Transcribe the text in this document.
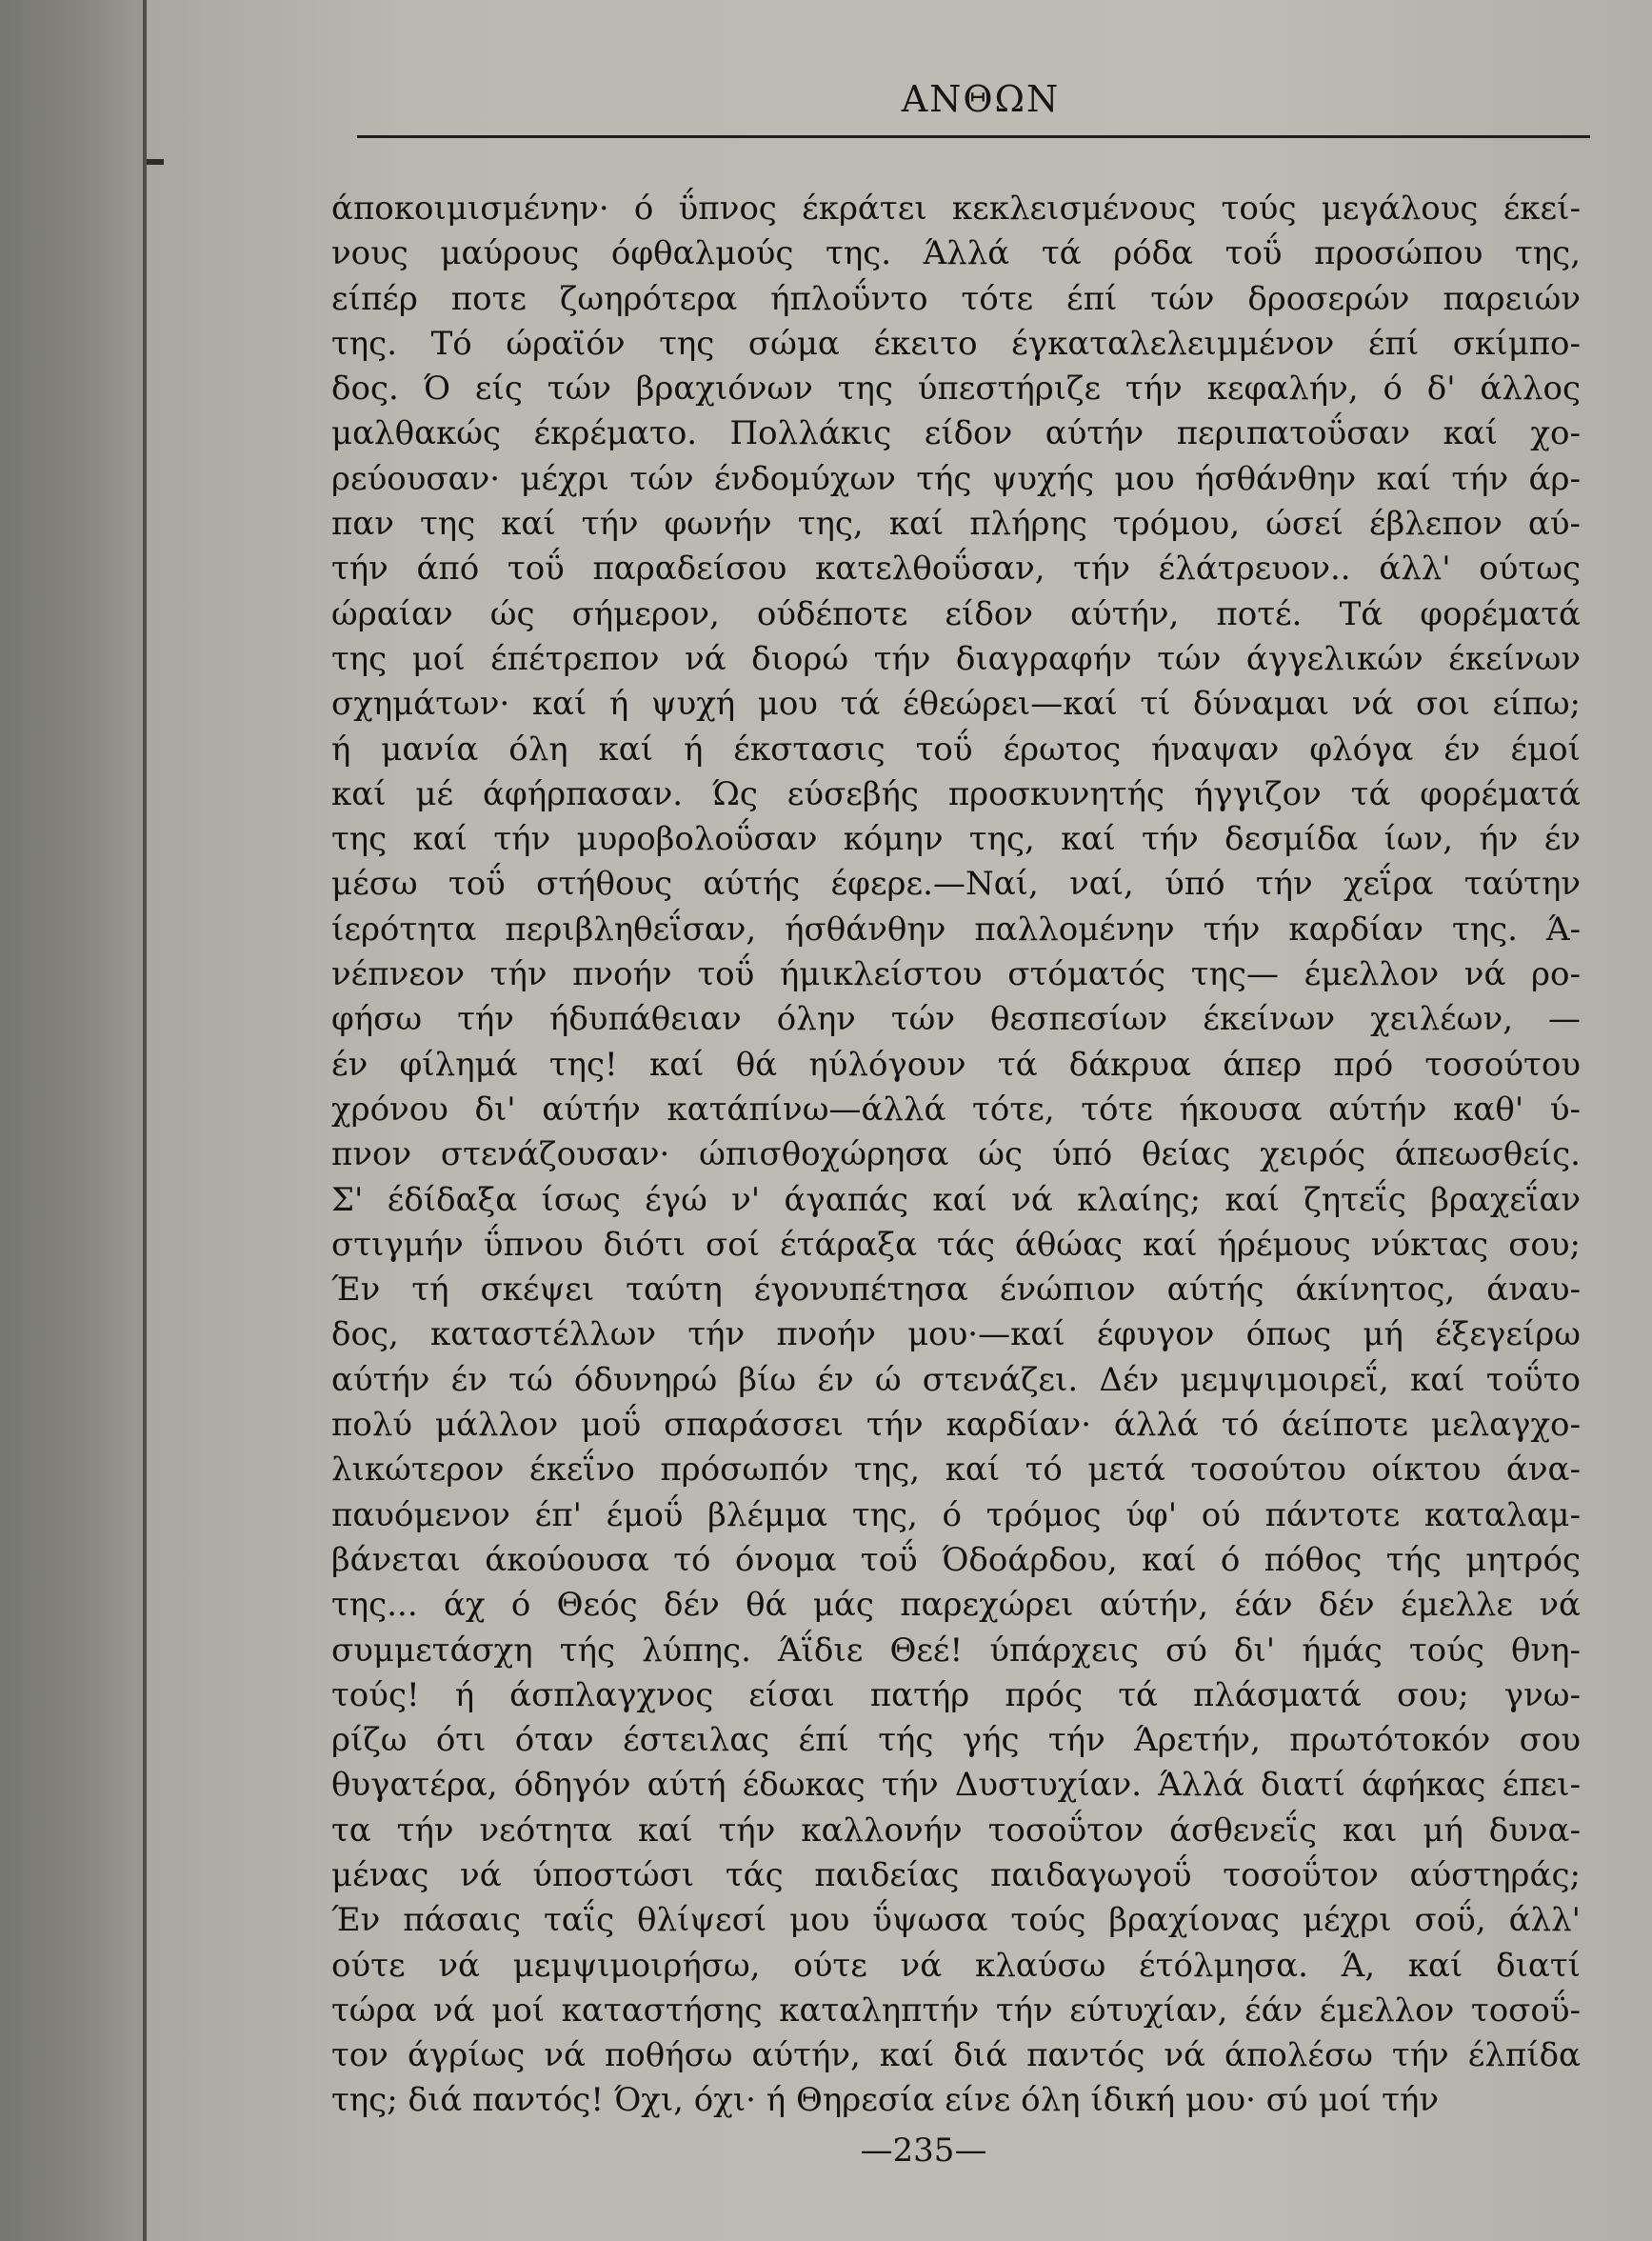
ΑΝΘΩΝ
άποκοιμισμένην· ό ΰπνος έκράτει κεκλεισμένους τούς μεγάλους έκεί-
νους μαύρους όφθαλμούς της. Άλλά τά ρόδα τοΰ προσώπου της,
είπέρ ποτε ζωηρότερα ήπλοΰντο τότε έπί τών δροσερών παρειών
της. Τό ώραϊόν της σώμα έκειτο έγκαταλελειμμένον έπί σκίμπο-
δος. Ό είς τών βραχιόνων της ύπεστήριζε τήν κεφαλήν, ό δ' άλλος
μαλθακώς έκρέματο. Πολλάκις είδον αύτήν περιπατοΰσαν καί χο-
ρεύουσαν· μέχρι τών ένδομύχων τής ψυχής μου ήσθάνθην καί τήν άρ-
παν της καί τήν φωνήν της, καί πλήρης τρόμου, ώσεί έβλεπον αύ-
τήν άπό τοΰ παραδείσου κατελθοΰσαν, τήν έλάτρευον.. άλλ' ούτως
ώραίαν ώς σήμερον, ούδέποτε είδον αύτήν, ποτέ. Τά φορέματά
της μοί έπέτρεπον νά διορώ τήν διαγραφήν τών άγγελικών έκείνων
σχημάτων· καί ή ψυχή μου τά έθεώρει—καί τί δύναμαι νά σοι είπω;
ή μανία όλη καί ή έκστασις τοΰ έρωτος ήναψαν φλόγα έν έμοί
καί μέ άφήρπασαν. Ώς εύσεβής προσκυνητής ήγγιζον τά φορέματά
της καί τήν μυροβολοΰσαν κόμην της, καί τήν δεσμίδα ίων, ήν έν
μέσω τοΰ στήθους αύτής έφερε.—Ναί, ναί, ύπό τήν χεΐρα ταύτην
ίερότητα περιβληθεΐσαν, ήσθάνθην παλλομένην τήν καρδίαν της. Ά-
νέπνεον τήν πνοήν τοΰ ήμικλείστου στόματός της— έμελλον νά ρο-
φήσω τήν ήδυπάθειαν όλην τών θεσπεσίων έκείνων χειλέων, —
έν φίλημά της! καί θά ηύλόγουν τά δάκρυα άπερ πρό τοσούτου
χρόνου δι' αύτήν κατάπίνω—άλλά τότε, τότε ήκουσα αύτήν καθ' ύ-
πνον στενάζουσαν· ώπισθοχώρησα ώς ύπό θείας χειρός άπεωσθείς.
Σ' έδίδαξα ίσως έγώ ν' άγαπάς καί νά κλαίης; καί ζητεΐς βραχεΐαν
στιγμήν ΰπνου διότι σοί έτάραξα τάς άθώας καί ήρέμους νύκτας σου;
Έν τή σκέψει ταύτη έγονυπέτησα ένώπιον αύτής άκίνητος, άναυ-
δος, καταστέλλων τήν πνοήν μου·—καί έφυγον όπως μή έξεγείρω
αύτήν έν τώ όδυνηρώ βίω έν ώ στενάζει. Δέν μεμψιμοιρεΐ, καί τοΰτο
πολύ μάλλον μοΰ σπαράσσει τήν καρδίαν· άλλά τό άείποτε μελαγχο-
λικώτερον έκεΐνο πρόσωπόν της, καί τό μετά τοσούτου οίκτου άνα-
παυόμενον έπ' έμοΰ βλέμμα της, ό τρόμος ύφ' ού πάντοτε καταλαμ-
βάνεται άκούουσα τό όνομα τοΰ Όδοάρδου, καί ό πόθος τής μητρός
της... άχ ό Θεός δέν θά μάς παρεχώρει αύτήν, έάν δέν έμελλε νά
συμμετάσχη τής λύπης. Άΐδιε Θεέ! ύπάρχεις σύ δι' ήμάς τούς θνη-
τούς! ή άσπλαγχνος είσαι πατήρ πρός τά πλάσματά σου; γνω-
ρίζω ότι όταν έστειλας έπί τής γής τήν Άρετήν, πρωτότοκόν σου
θυγατέρα, όδηγόν αύτή έδωκας τήν Δυστυχίαν. Άλλά διατί άφήκας έπει-
τα τήν νεότητα καί τήν καλλονήν τοσοΰτον άσθενεΐς και μή δυνα-
μένας νά ύποστώσι τάς παιδείας παιδαγωγοΰ τοσοΰτον αύστηράς;
Έν πάσαις ταΐς θλίψεσί μου ΰψωσα τούς βραχίονας μέχρι σοΰ, άλλ'
ούτε νά μεμψιμοιρήσω, ούτε νά κλαύσω έτόλμησα. Ά, καί διατί
τώρα νά μοί καταστήσης καταληπτήν τήν εύτυχίαν, έάν έμελλον τοσοΰ-
τον άγρίως νά ποθήσω αύτήν, καί διά παντός νά άπολέσω τήν έλπίδα
της; διά παντός! Όχι, όχι· ή Θηρεσία είνε όλη ίδική μου· σύ μοί τήν
—235—
